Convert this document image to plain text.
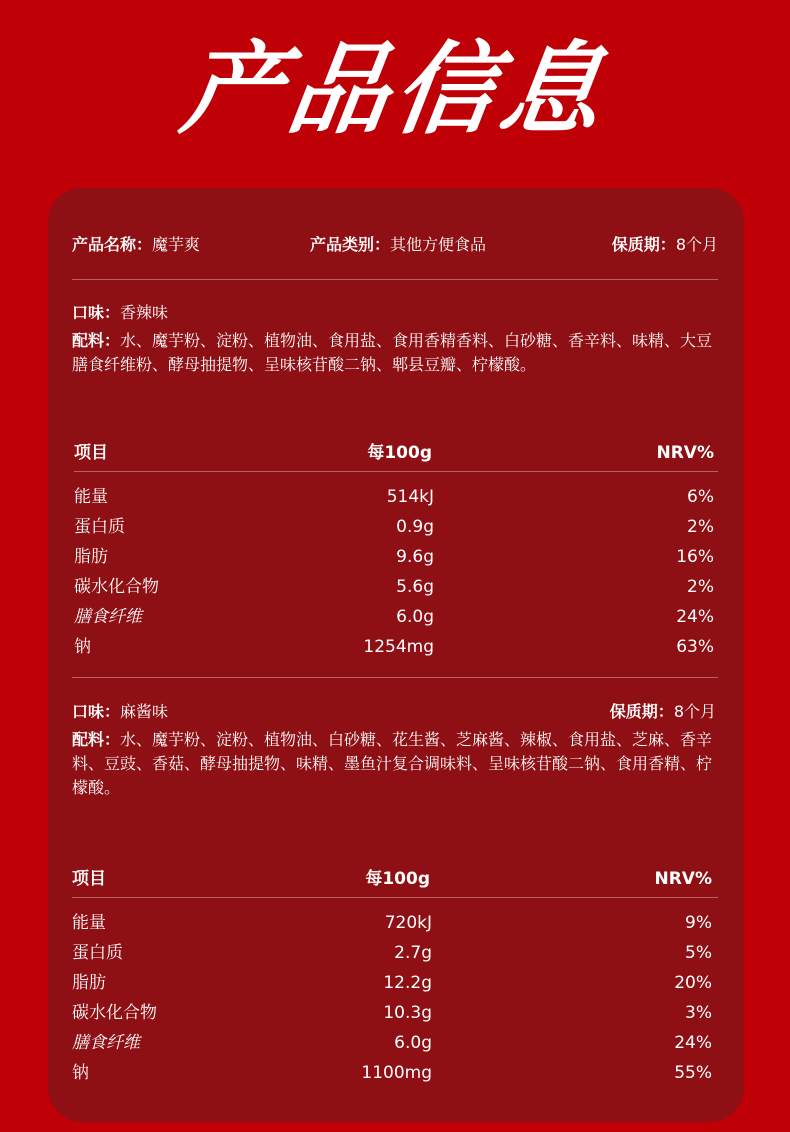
产品信息
产品名称：魔芋爽	产品类别：其他方便食品	保质期：8个月
口味：香辣味
配料：水、魔芋粉、淀粉、植物油、食用盐、食用香精香料、白砂糖、香辛料、味精、大豆膳食纤维粉、酵母抽提物、呈味核苷酸二钠、郫县豆瓣、柠檬酸。
项目	每100g	NRV%
能量	514kJ	6%
蛋白质	0.9g	2%
脂肪	9.6g	16%
碳水化合物	5.6g	2%
膳食纤维	6.0g	24%
钠	1254mg	63%
口味：麻酱味	保质期：8个月
配料：水、魔芋粉、淀粉、植物油、白砂糖、花生酱、芝麻酱、辣椒、食用盐、芝麻、香辛料、豆豉、香菇、酵母抽提物、味精、墨鱼汁复合调味料、呈味核苷酸二钠、食用香精、柠檬酸。
项目	每100g	NRV%
能量	720kJ	9%
蛋白质	2.7g	5%
脂肪	12.2g	20%
碳水化合物	10.3g	3%
膳食纤维	6.0g	24%
钠	1100mg	55%
